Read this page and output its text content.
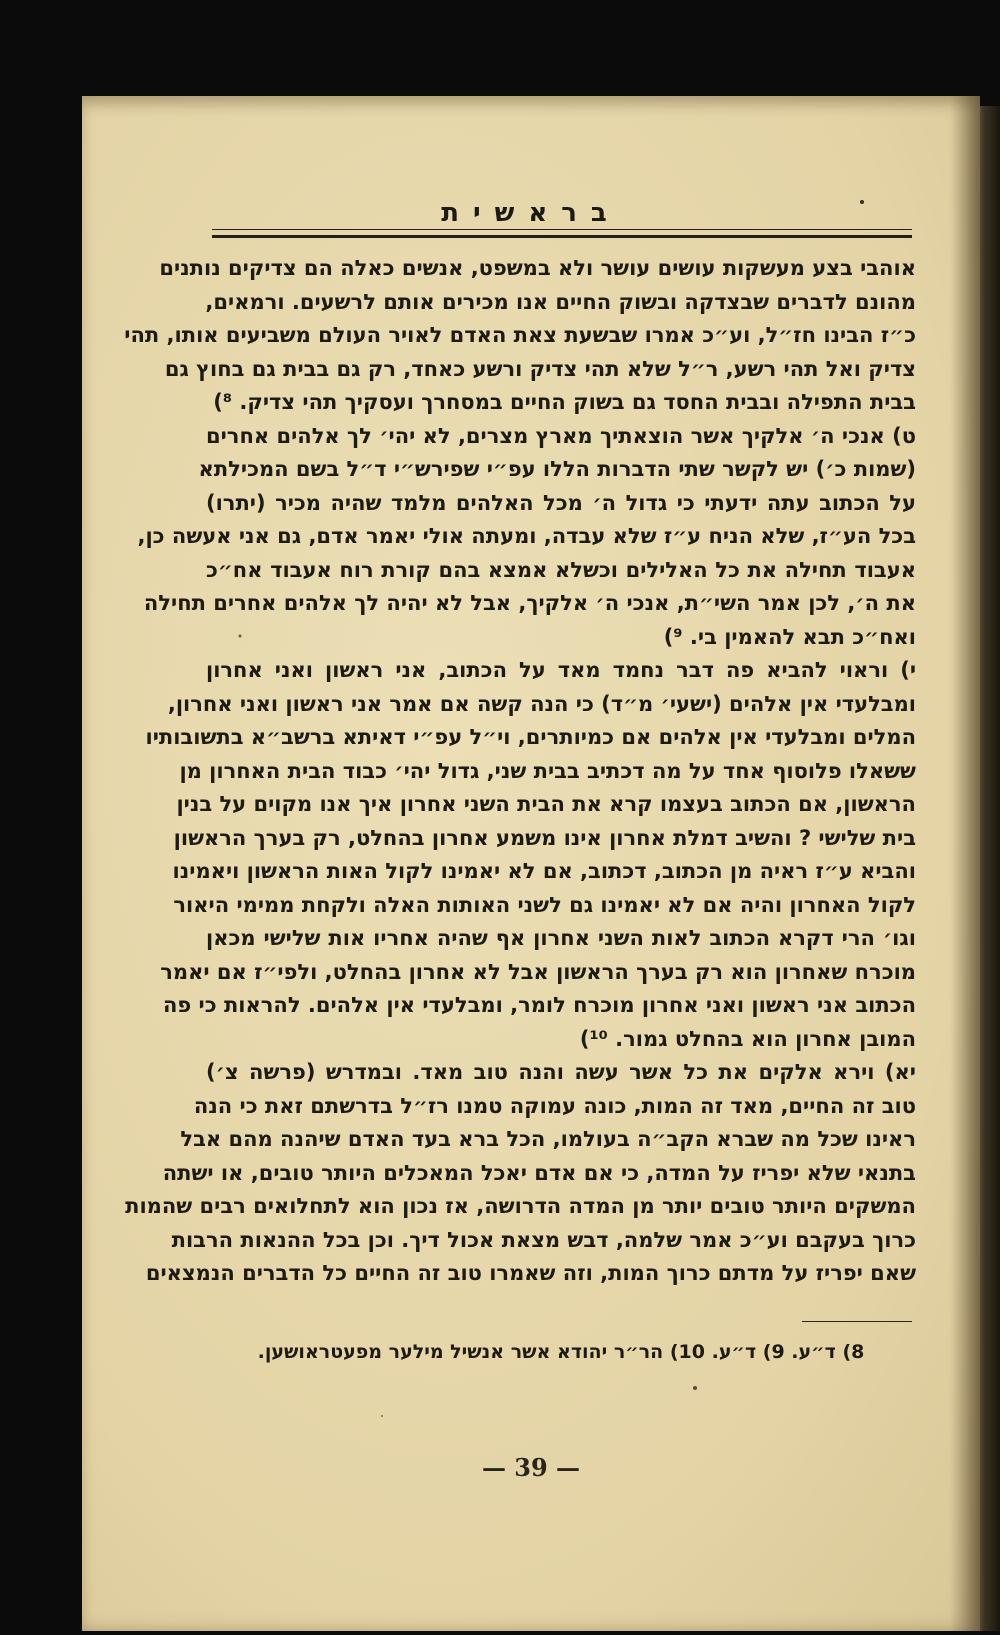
בראשית
אוהבי בצע מעשקות עושים עושר ולא במשפט, אנשים כאלה הם צדיקים נותנים
מהונם לדברים שבצדקה ובשוק החיים אנו מכירים אותם לרשעים. ורמאים,
כ״ז הבינו חז״ל, וע״כ אמרו שבשעת צאת האדם לאויר העולם משביעים אותו, תהי
צדיק ואל תהי רשע, ר״ל שלא תהי צדיק ורשע כאחד, רק גם בבית גם בחוץ גם
בבית התפילה ובבית החסד גם בשוק החיים במסחרך ועסקיך תהי צדיק. ⁸)
ט) אנכי ה׳ אלקיך אשר הוצאתיך מארץ מצרים, לא יהי׳ לך אלהים אחרים
(שמות כ׳) יש לקשר שתי הדברות הללו עפ״י שפירש״י ד״ל בשם המכילתא
על הכתוב עתה ידעתי כי גדול ה׳ מכל האלהים מלמד שהיה מכיר (יתרו)
בכל הע״ז, שלא הניח ע״ז שלא עבדה, ומעתה אולי יאמר אדם, גם אני אעשה כן,
אעבוד תחילה את כל האלילים וכשלא אמצא בהם קורת רוח אעבוד אח״כ
את ה׳, לכן אמר השי״ת, אנכי ה׳ אלקיך, אבל לא יהיה לך אלהים אחרים תחילה
ואח״כ תבא להאמין בי. ⁹)
י) וראוי להביא פה דבר נחמד מאד על הכתוב, אני ראשון ואני אחרון
ומבלעדי אין אלהים (ישעי׳ מ״ד) כי הנה קשה אם אמר אני ראשון ואני אחרון,
המלים ומבלעדי אין אלהים אם כמיותרים, וי״ל עפ״י דאיתא ברשב״א בתשובותיו
ששאלו פלוסוף אחד על מה דכתיב בבית שני, גדול יהי׳ כבוד הבית האחרון מן
הראשון, אם הכתוב בעצמו קרא את הבית השני אחרון איך אנו מקוים על בנין
בית שלישי ? והשיב דמלת אחרון אינו משמע אחרון בהחלט, רק בערך הראשון
והביא ע״ז ראיה מן הכתוב, דכתוב, אם לא יאמינו לקול האות הראשון ויאמינו
לקול האחרון והיה אם לא יאמינו גם לשני האותות האלה ולקחת ממימי היאור
וגו׳ הרי דקרא הכתוב לאות השני אחרון אף שהיה אחריו אות שלישי מכאן
מוכרח שאחרון הוא רק בערך הראשון אבל לא אחרון בהחלט, ולפי״ז אם יאמר
הכתוב אני ראשון ואני אחרון מוכרח לומר, ומבלעדי אין אלהים. להראות כי פה
המובן אחרון הוא בהחלט גמור. ¹⁰)
יא) וירא אלקים את כל אשר עשה והנה טוב מאד. ובמדרש (פרשה צ׳)
טוב זה החיים, מאד זה המות, כונה עמוקה טמנו רז״ל בדרשתם זאת כי הנה
ראינו שכל מה שברא הקב״ה בעולמו, הכל ברא בעד האדם שיהנה מהם אבל
בתנאי שלא יפריז על המדה, כי אם אדם יאכל המאכלים היותר טובים, או ישתה
המשקים היותר טובים יותר מן המדה הדרושה, אז נכון הוא לתחלואים רבים שהמות
כרוך בעקבם וע״כ אמר שלמה, דבש מצאת אכול דיך. וכן בכל ההנאות הרבות
שאם יפריז על מדתם כרוך המות, וזה שאמרו טוב זה החיים כל הדברים הנמצאים
8) ד״ע. 9) ד״ע. 10) הר״ר יהודא אשר אנשיל מילער מפעטראושען.
— 39 —
